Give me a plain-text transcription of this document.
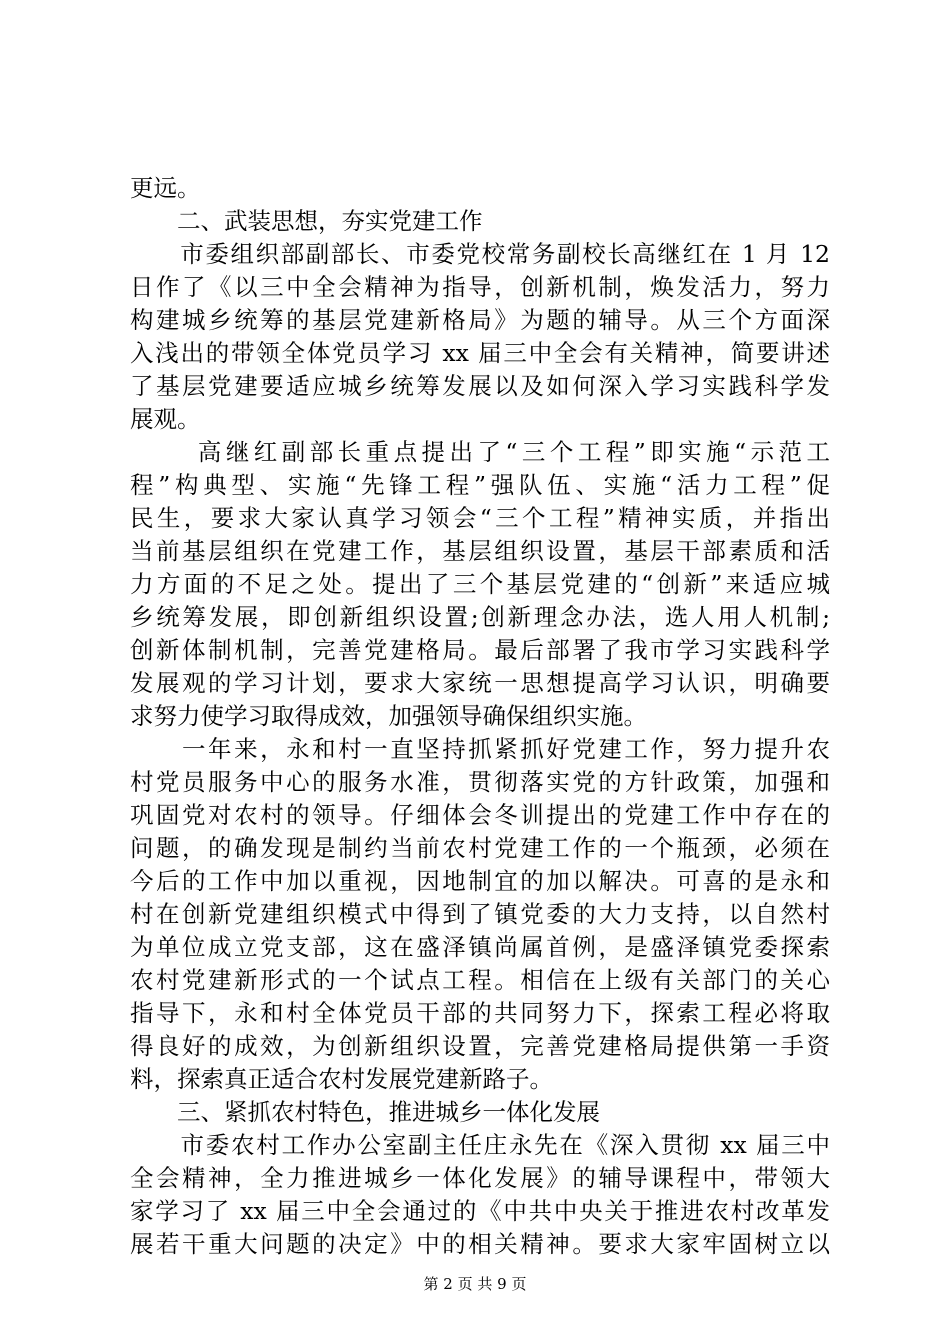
更远。
　　二、武装思想，夯实党建工作
　　市委组织部副部长、市委党校常务副校长高继红在 1 月 12
日作了《以三中全会精神为指导，创新机制，焕发活力，努力
构建城乡统筹的基层党建新格局》为题的辅导。从三个方面深
入浅出的带领全体党员学习 xx 届三中全会有关精神，简要讲述
了基层党建要适应城乡统筹发展以及如何深入学习实践科学发
展观。
　　 高继红副部长重点提出了“三个工程”即实施“示范工
程”构典型、实施“先锋工程”强队伍、实施“活力工程”促
民生，要求大家认真学习领会“三个工程”精神实质，并指出
当前基层组织在党建工作，基层组织设置，基层干部素质和活
力方面的不足之处。提出了三个基层党建的“创新”来适应城
乡统筹发展，即创新组织设置;创新理念办法，选人用人机制;
创新体制机制，完善党建格局。最后部署了我市学习实践科学
发展观的学习计划，要求大家统一思想提高学习认识，明确要
求努力使学习取得成效，加强领导确保组织实施。
　　一年来，永和村一直坚持抓紧抓好党建工作，努力提升农
村党员服务中心的服务水准，贯彻落实党的方针政策，加强和
巩固党对农村的领导。仔细体会冬训提出的党建工作中存在的
问题，的确发现是制约当前农村党建工作的一个瓶颈，必须在
今后的工作中加以重视，因地制宜的加以解决。可喜的是永和
村在创新党建组织模式中得到了镇党委的大力支持，以自然村
为单位成立党支部，这在盛泽镇尚属首例，是盛泽镇党委探索
农村党建新形式的一个试点工程。相信在上级有关部门的关心
指导下，永和村全体党员干部的共同努力下，探索工程必将取
得良好的成效，为创新组织设置，完善党建格局提供第一手资
料，探索真正适合农村发展党建新路子。
　　三、紧抓农村特色，推进城乡一体化发展
　　市委农村工作办公室副主任庄永先在《深入贯彻 xx 届三中
全会精神，全力推进城乡一体化发展》的辅导课程中，带领大
家学习了 xx 届三中全会通过的《中共中央关于推进农村改革发
展若干重大问题的决定》中的相关精神。要求大家牢固树立以
第 2 页 共 9 页
